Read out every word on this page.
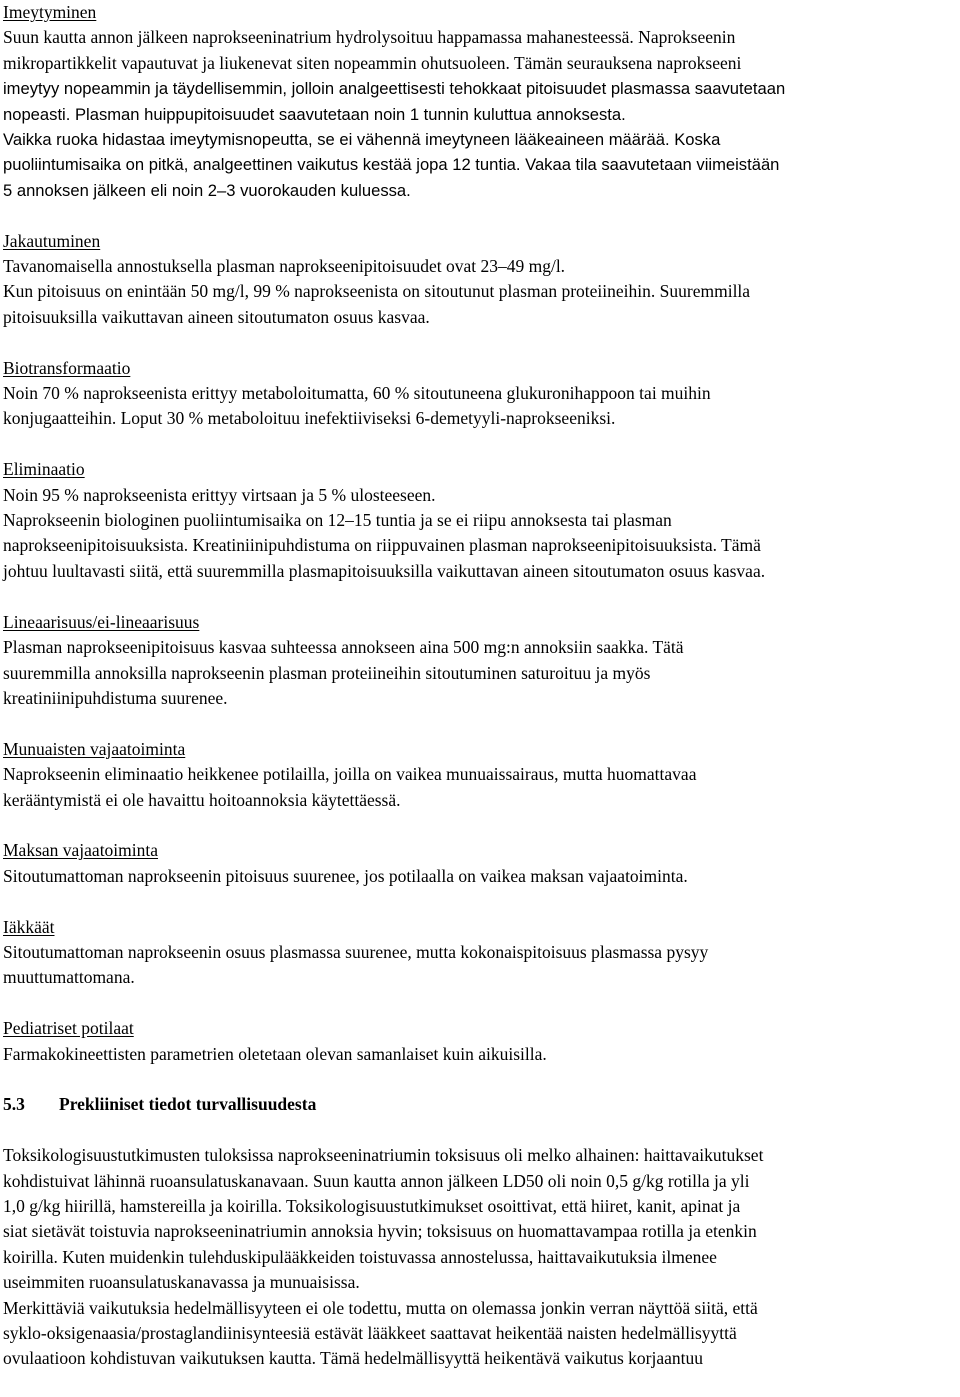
Imeytyminen
Suun kautta annon jälkeen naprokseeninatrium hydrolysoituu happamassa mahanesteessä. Naprokseenin
mikropartikkelit vapautuvat ja liukenevat siten nopeammin ohutsuoleen. Tämän seurauksena naprokseeni
imeytyy nopeammin ja täydellisemmin, jolloin analgeettisesti tehokkaat pitoisuudet plasmassa saavutetaan
nopeasti. Plasman huippupitoisuudet saavutetaan noin 1 tunnin kuluttua annoksesta.
Vaikka ruoka hidastaa imeytymisnopeutta, se ei vähennä imeytyneen lääkeaineen määrää. Koska
puoliintumisaika on pitkä, analgeettinen vaikutus kestää jopa 12 tuntia. Vakaa tila saavutetaan viimeistään
5 annoksen jälkeen eli noin 2–3 vuorokauden kuluessa.
Jakautuminen
Tavanomaisella annostuksella plasman naprokseenipitoisuudet ovat 23–49 mg/l.
Kun pitoisuus on enintään 50 mg/l, 99 % naprokseenista on sitoutunut plasman proteiineihin. Suuremmilla
pitoisuuksilla vaikuttavan aineen sitoutumaton osuus kasvaa.
Biotransformaatio
Noin 70 % naprokseenista erittyy metaboloitumatta, 60 % sitoutuneena glukuronihappoon tai muihin
konjugaatteihin. Loput 30 % metaboloituu inefektiiviseksi 6-demetyyli-naprokseeniksi.
Eliminaatio
Noin 95 % naprokseenista erittyy virtsaan ja 5 % ulosteeseen.
Naprokseenin biologinen puoliintumisaika on 12–15 tuntia ja se ei riipu annoksesta tai plasman
naprokseenipitoisuuksista. Kreatiniinipuhdistuma on riippuvainen plasman naprokseenipitoisuuksista. Tämä
johtuu luultavasti siitä, että suuremmilla plasmapitoisuuksilla vaikuttavan aineen sitoutumaton osuus kasvaa.
Lineaarisuus/ei-lineaarisuus
Plasman naprokseenipitoisuus kasvaa suhteessa annokseen aina 500 mg:n annoksiin saakka. Tätä
suuremmilla annoksilla naprokseenin plasman proteiineihin sitoutuminen saturoituu ja myös
kreatiniinipuhdistuma suurenee.
Munuaisten vajaatoiminta
Naprokseenin eliminaatio heikkenee potilailla, joilla on vaikea munuaissairaus, mutta huomattavaa
kerääntymistä ei ole havaittu hoitoannoksia käytettäessä.
Maksan vajaatoiminta
Sitoutumattoman naprokseenin pitoisuus suurenee, jos potilaalla on vaikea maksan vajaatoiminta.
Iäkkäät
Sitoutumattoman naprokseenin osuus plasmassa suurenee, mutta kokonaispitoisuus plasmassa pysyy
muuttumattomana.
Pediatriset potilaat
Farmakokineettisten parametrien oletetaan olevan samanlaiset kuin aikuisilla.
5.3	Prekliiniset tiedot turvallisuudesta
Toksikologisuustutkimusten tuloksissa naprokseeninatriumin toksisuus oli melko alhainen: haittavaikutukset
kohdistuivat lähinnä ruoansulatuskanavaan. Suun kautta annon jälkeen LD50 oli noin 0,5 g/kg rotilla ja yli
1,0 g/kg hiirillä, hamstereilla ja koirilla. Toksikologisuustutkimukset osoittivat, että hiiret, kanit, apinat ja
siat sietävät toistuvia naprokseeninatriumin annoksia hyvin; toksisuus on huomattavampaa rotilla ja etenkin
koirilla. Kuten muidenkin tulehduskipulääkkeiden toistuvassa annostelussa, haittavaikutuksia ilmenee
useimmiten ruoansulatuskanavassa ja munuaisissa.
Merkittäviä vaikutuksia hedelmällisyyteen ei ole todettu, mutta on olemassa jonkin verran näyttöä siitä, että
syklo-oksigenaasia/prostaglandiinisynteesiä estävät lääkkeet saattavat heikentää naisten hedelmällisyyttä
ovulaatioon kohdistuvan vaikutuksen kautta. Tämä hedelmällisyyttä heikentävä vaikutus korjaantuu
